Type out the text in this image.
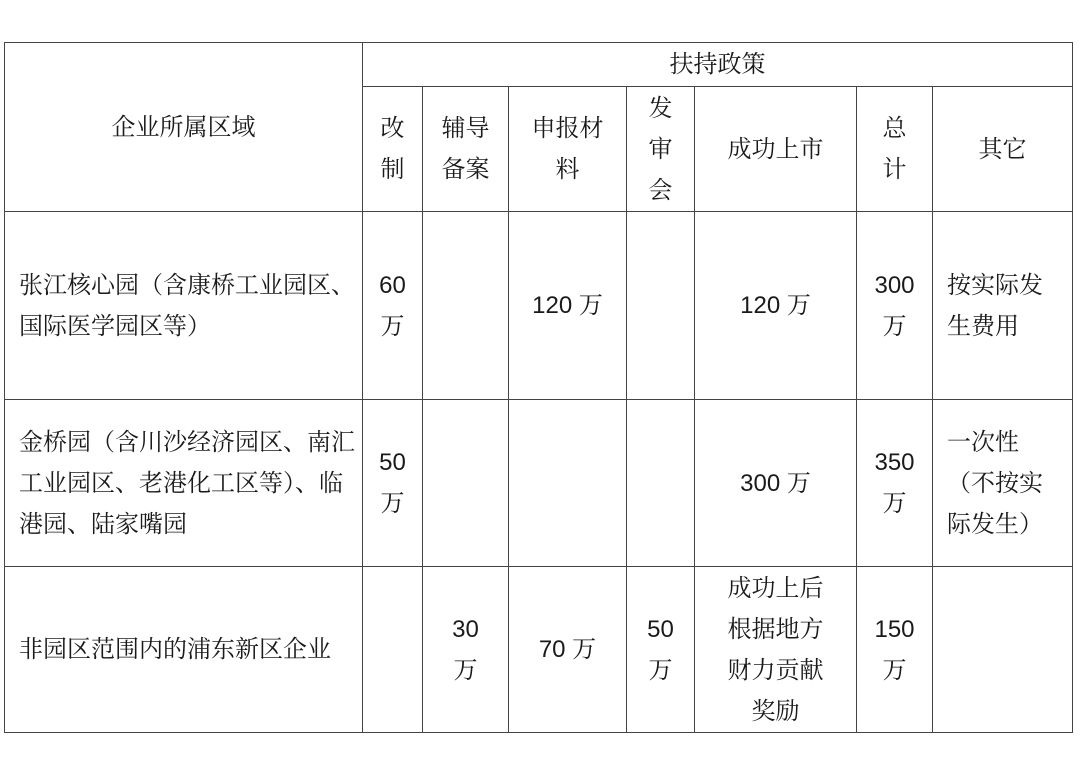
企业所属区域	扶持政策						

	改制	辅导备案	申报材料	发审会	成功上市	总计	其它

张江核心园（含康桥工业园区、国际医学园区等）	60万		120 万		120 万	300万	按实际发生费用

金桥园（含川沙经济园区、南汇工业园区、老港化工区等）、临港园、陆家嘴园	50万				300 万	350万	一次性（不按实际发生）

非园区范围内的浦东新区企业		30万	70 万	50万	成功上后根据地方财力贡献奖励	150万	
